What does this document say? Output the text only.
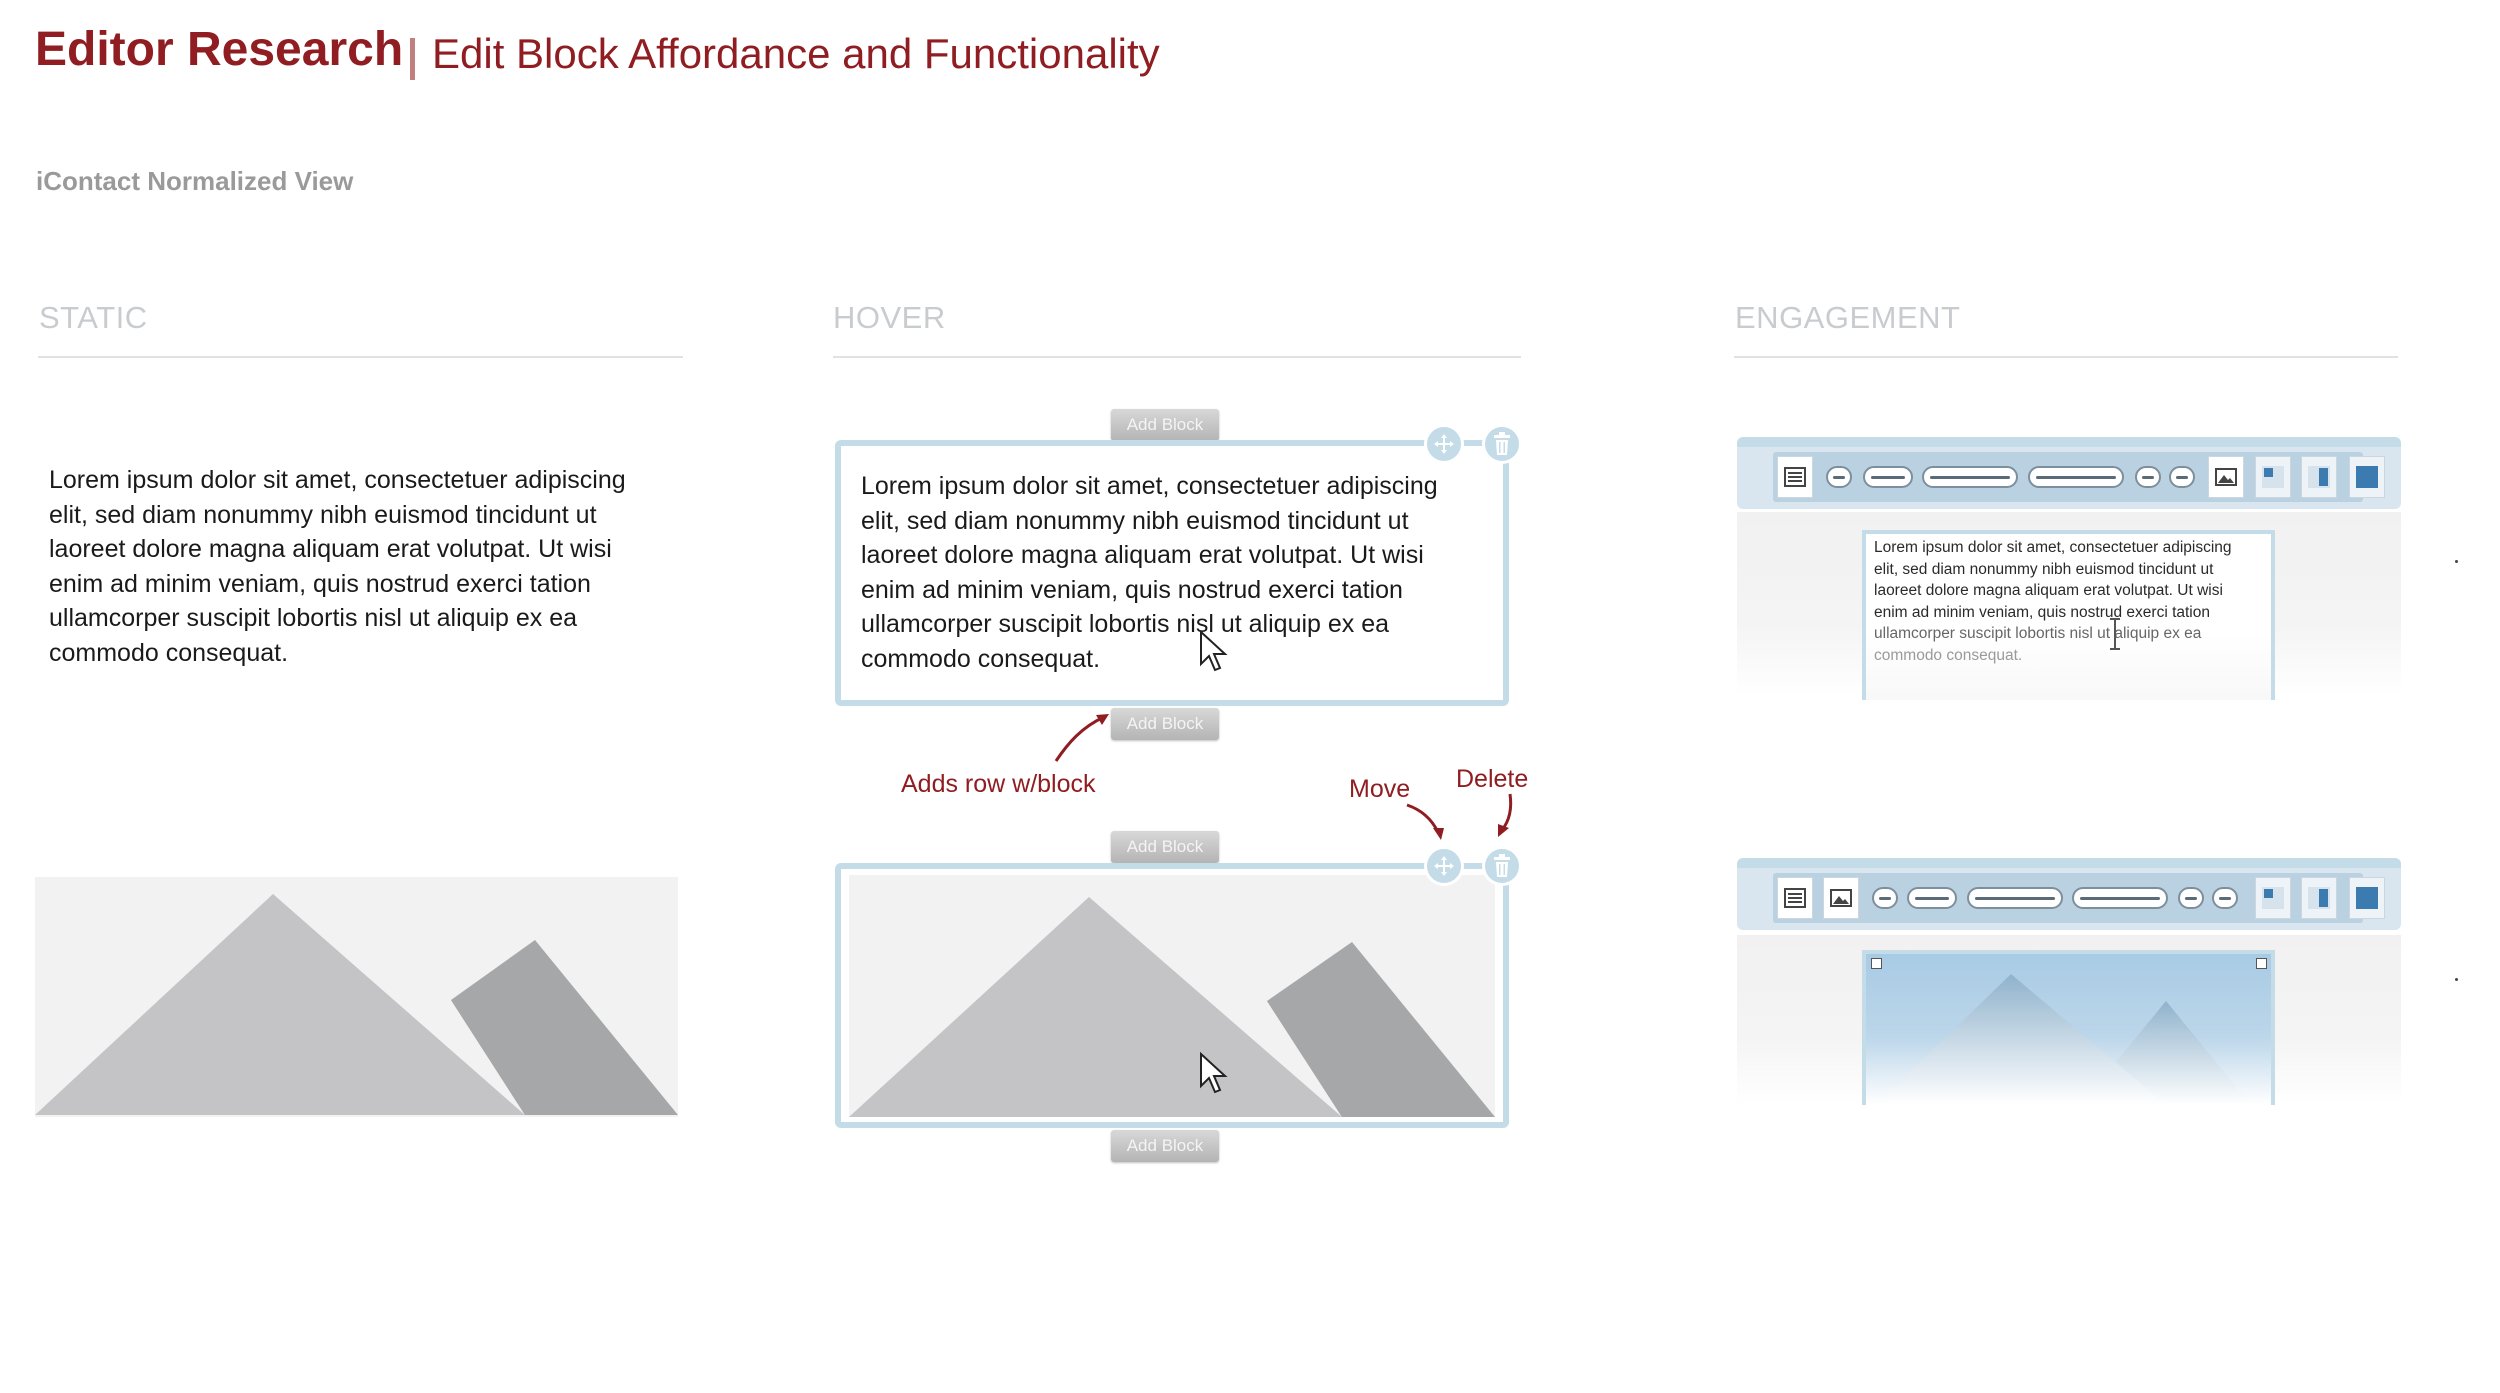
Editor Research Edit Block Affordance and Functionality
iContact Normalized View
STATIC	HOVER	ENGAGEMENT
Lorem ipsum dolor sit amet, consectetuer adipiscing
elit, sed diam nonummy nibh euismod tincidunt ut
laoreet dolore magna aliquam erat volutpat. Ut wisi
enim ad minim veniam, quis nostrud exerci tation
ullamcorper suscipit lobortis nisl ut aliquip ex ea
commodo consequat.
Add Block
Lorem ipsum dolor sit amet, consectetuer adipiscing
elit, sed diam nonummy nibh euismod tincidunt ut
laoreet dolore magna aliquam erat volutpat. Ut wisi
enim ad minim veniam, quis nostrud exerci tation
ullamcorper suscipit lobortis nisl ut aliquip ex ea
commodo consequat.
Add Block
Adds row w/block	Move Delete
Add Block
Add Block
Lorem ipsum dolor sit amet, consectetuer adipiscing
elit, sed diam nonummy nibh euismod tincidunt ut
laoreet dolore magna aliquam erat volutpat. Ut wisi
enim ad minim veniam, quis nostrud exerci tation
ullamcorper suscipit lobortis nisl ut aliquip ex ea
commodo consequat.
